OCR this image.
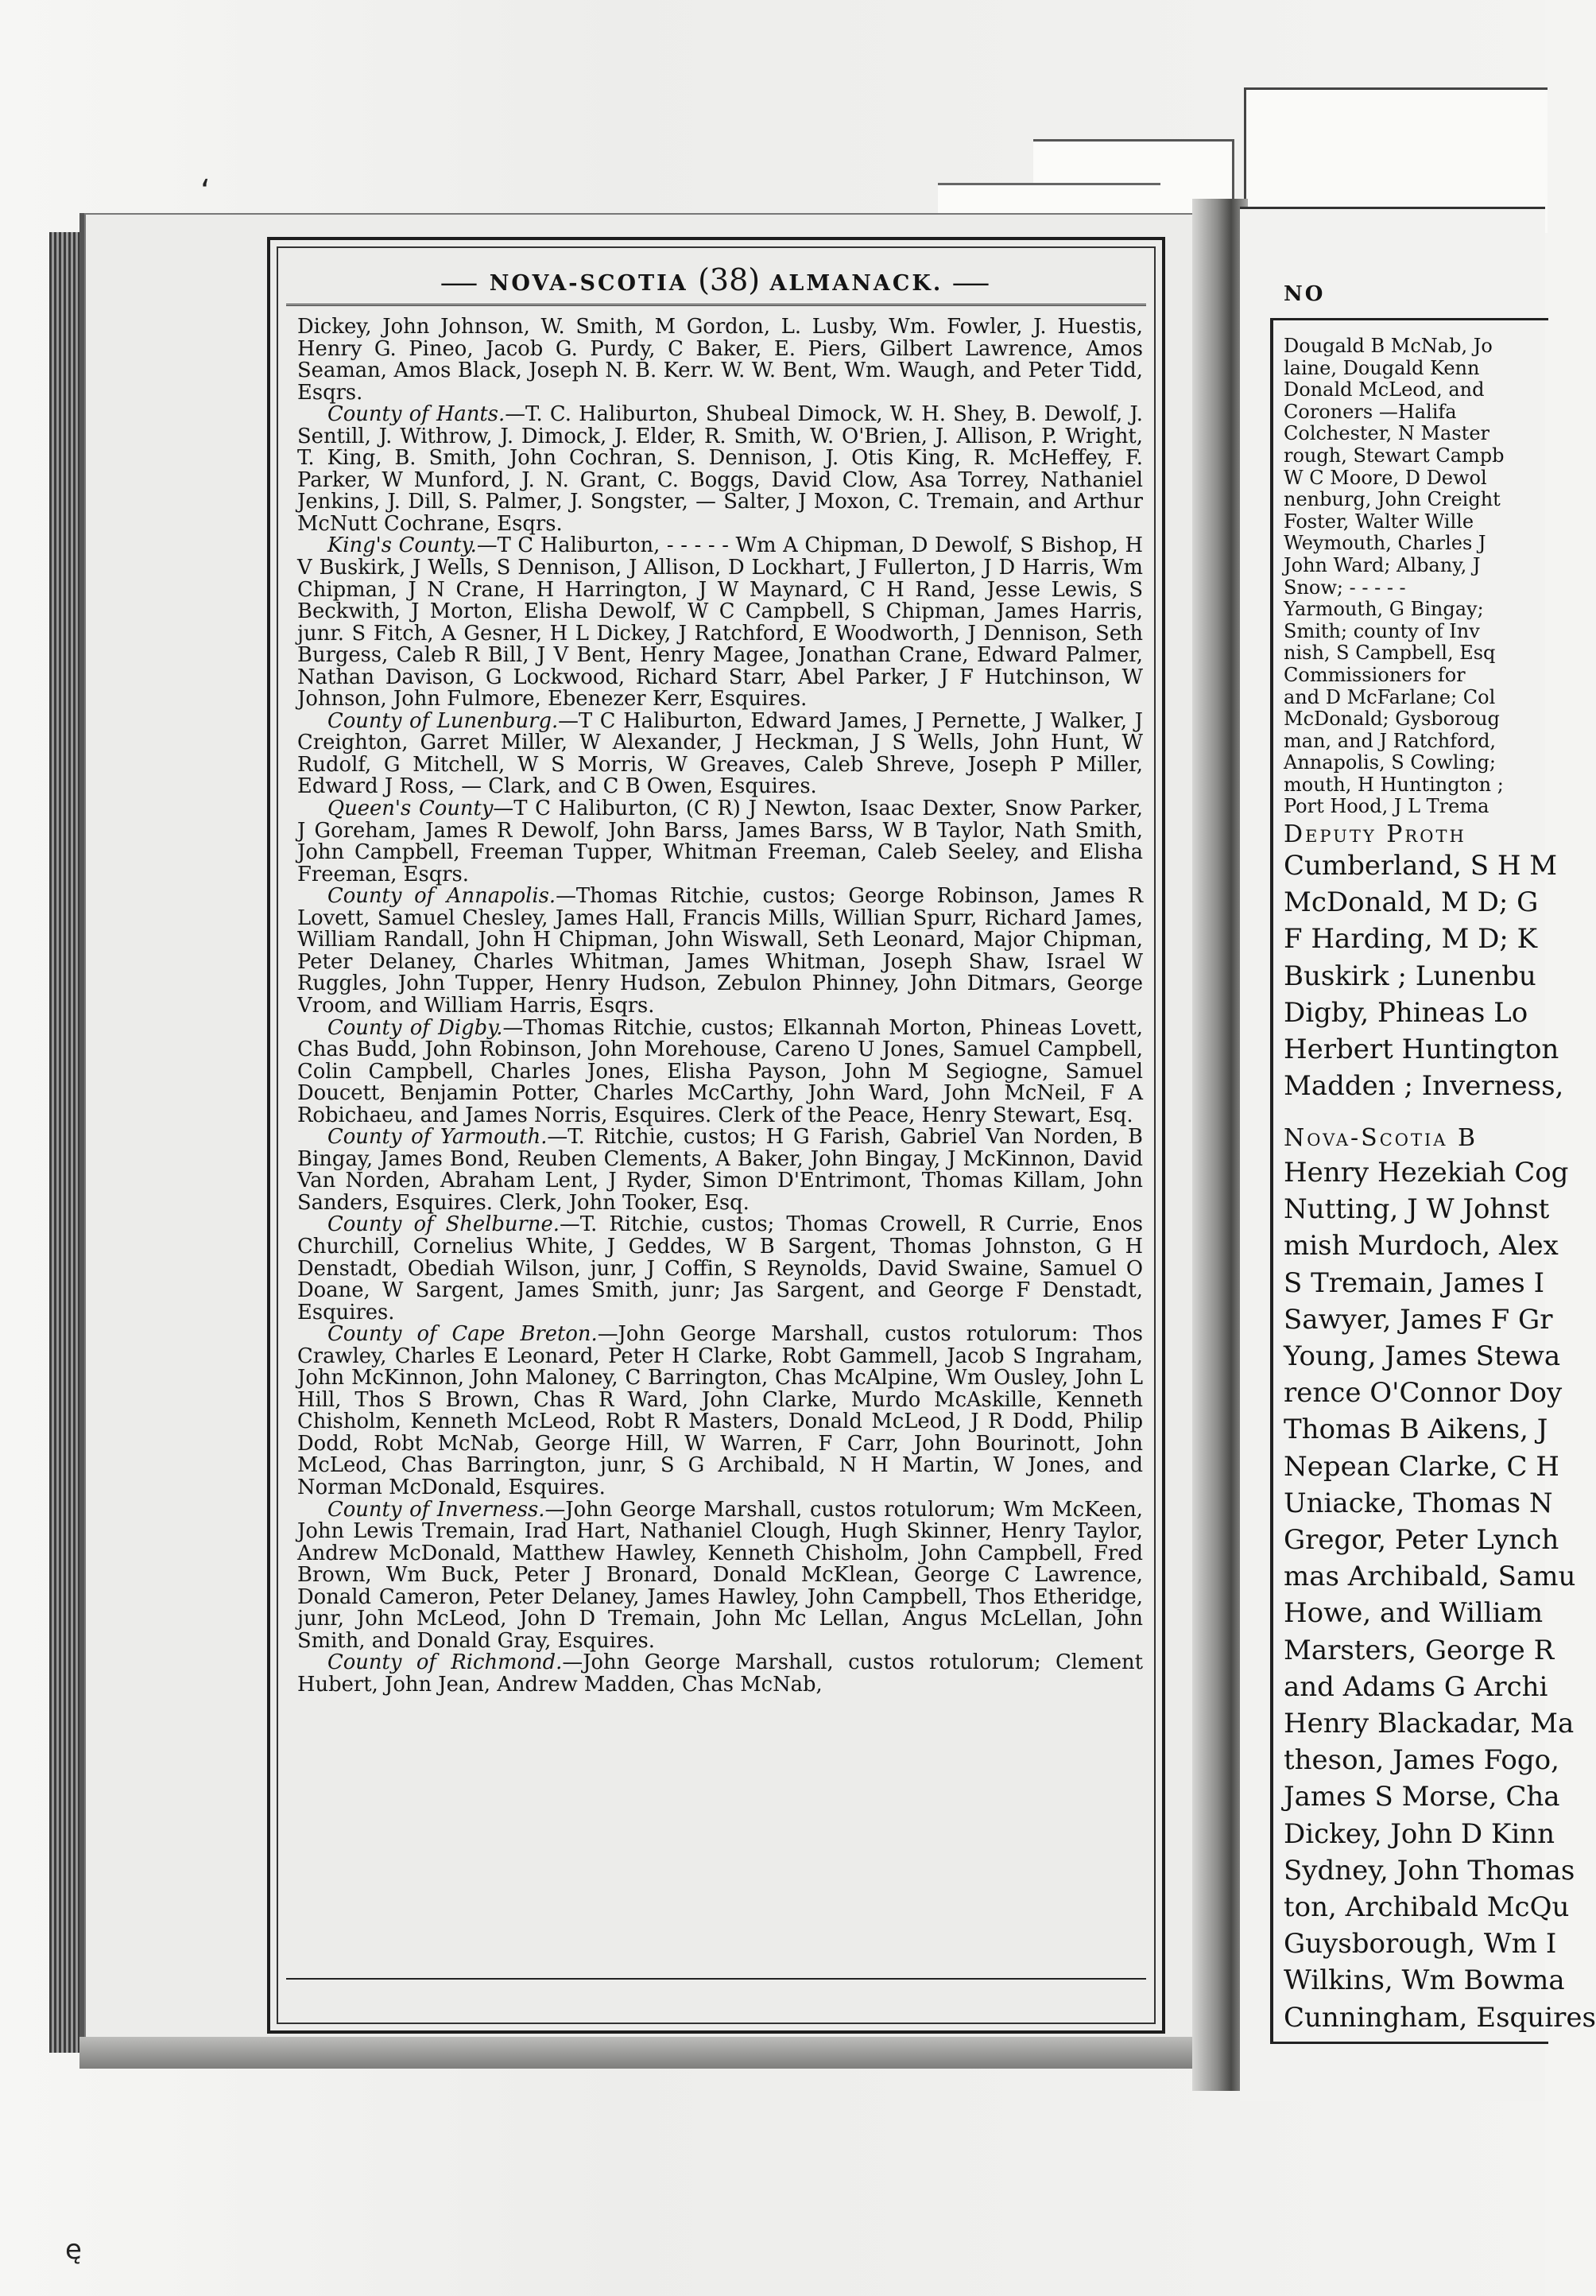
‘
ę
⸺ NOVA-SCOTIA (38) ALMANACK. ⸺

Dickey, John Johnson, W. Smith, M Gordon, L. Lusby, Wm. Fowler, J. Huestis, Henry G. Pineo, Jacob G. Purdy, C Baker, E. Piers, Gilbert Lawrence, Amos Seaman, Amos Black, Joseph N. B. Kerr. W. W. Bent, Wm. Waugh, and Peter Tidd, Esqrs.

County of Hants.—T. C. Haliburton, Shubeal Dimock, W. H. Shey, B. Dewolf, J. Sentill, J. Withrow, J. Dimock, J. Elder, R. Smith, W. O'Brien, J. Allison, P. Wright, T. King, B. Smith, John Cochran, S. Dennison, J. Otis King, R. McHeffey, F. Parker, W Munford, J. N. Grant, C. Boggs, David Clow, Asa Torrey, Nathaniel Jenkins, J. Dill, S. Palmer, J. Songster, — Salter, J Moxon, C. Tremain, and Arthur McNutt Cochrane, Esqrs.

King's County.—T C Haliburton, - - - - - Wm A Chipman, D Dewolf, S Bishop, H V Buskirk, J Wells, S Dennison, J Allison, D Lockhart, J Fullerton, J D Harris, Wm Chipman, J N Crane, H Harrington, J W Maynard, C H Rand, Jesse Lewis, S Beckwith, J Morton, Elisha Dewolf, W C Campbell, S Chipman, James Harris, junr. S Fitch, A Gesner, H L Dickey, J Ratchford, E Woodworth, J Dennison, Seth Burgess, Caleb R Bill, J V Bent, Henry Magee, Jonathan Crane, Edward Palmer, Nathan Davison, G Lockwood, Richard Starr, Abel Parker, J F Hutchinson, W Johnson, John Fulmore, Ebenezer Kerr, Esquires.

County of Lunenburg.—T C Haliburton, Edward James, J Pernette, J Walker, J Creighton, Garret Miller, W Alexander, J Heckman, J S Wells, John Hunt, W Rudolf, G Mitchell, W S Morris, W Greaves, Caleb Shreve, Joseph P Miller, Edward J Ross, — Clark, and C B Owen, Esquires.

Queen's County—T C Haliburton, (C R) J Newton, Isaac Dexter, Snow Parker, J Goreham, James R Dewolf, John Barss, James Barss, W B Taylor, Nath Smith, John Campbell, Freeman Tupper, Whitman Freeman, Caleb Seeley, and Elisha Freeman, Esqrs.

County of Annapolis.—Thomas Ritchie, custos; George Robinson, James R Lovett, Samuel Chesley, James Hall, Francis Mills, Willian Spurr, Richard James, William Randall, John H Chipman, John Wiswall, Seth Leonard, Major Chipman, Peter Delaney, Charles Whitman, James Whitman, Joseph Shaw, Israel W Ruggles, John Tupper, Henry Hudson, Zebulon Phinney, John Ditmars, George Vroom, and William Harris, Esqrs.

County of Digby.—Thomas Ritchie, custos; Elkannah Morton, Phineas Lovett, Chas Budd, John Robinson, John Morehouse, Careno U Jones, Samuel Campbell, Colin Campbell, Charles Jones, Elisha Payson, John M Segiogne, Samuel Doucett, Benjamin Potter, Charles McCarthy, John Ward, John McNeil, F A Robichaeu, and James Norris, Esquires. Clerk of the Peace, Henry Stewart, Esq.

County of Yarmouth.—T. Ritchie, custos; H G Farish, Gabriel Van Norden, B Bingay, James Bond, Reuben Clements, A Baker, John Bingay, J McKinnon, David Van Norden, Abraham Lent, J Ryder, Simon D'Entrimont, Thomas Killam, John Sanders, Esquires. Clerk, John Tooker, Esq.

County of Shelburne.—T. Ritchie, custos; Thomas Crowell, R Currie, Enos Churchill, Cornelius White, J Geddes, W B Sargent, Thomas Johnston, G H Denstadt, Obediah Wilson, junr, J Coffin, S Reynolds, David Swaine, Samuel O Doane, W Sargent, James Smith, junr; Jas Sargent, and George F Denstadt, Esquires.

County of Cape Breton.—John George Marshall, custos rotulorum: Thos Crawley, Charles E Leonard, Peter H Clarke, Robt Gammell, Jacob S Ingraham, John McKinnon, John Maloney, C Barrington, Chas McAlpine, Wm Ousley, John L Hill, Thos S Brown, Chas R Ward, John Clarke, Murdo McAskille, Kenneth Chisholm, Kenneth McLeod, Robt R Masters, Donald McLeod, J R Dodd, Philip Dodd, Robt McNab, George Hill, W Warren, F Carr, John Bourinott, John McLeod, Chas Barrington, junr, S G Archibald, N H Martin, W Jones, and Norman McDonald, Esquires.

County of Inverness.—John George Marshall, custos rotulorum; Wm McKeen, John Lewis Tremain, Irad Hart, Nathaniel Clough, Hugh Skinner, Henry Taylor, Andrew McDonald, Matthew Hawley, Kenneth Chisholm, John Campbell, Fred Brown, Wm Buck, Peter J Bronard, Donald McKlean, George C Lawrence, Donald Cameron, Peter Delaney, James Hawley, John Campbell, Thos Etheridge, junr, John McLeod, John D Tremain, John Mc Lellan, Angus McLellan, John Smith, and Donald Gray, Esquires.

County of Richmond.—John George Marshall, custos rotulorum; Clement Hubert, John Jean, Andrew Madden, Chas McNab,

NO
Dougald B McNab, Jo
laine, Dougald Kenn
Donald McLeod, and
Coroners —Halifa
Colchester, N Master
rough, Stewart Campb
W C Moore, D Dewol
nenburg, John Creight
Foster, Walter Wille
Weymouth, Charles J
John Ward; Albany, J
Snow; - - - - -
Yarmouth, G Bingay;
Smith; county of Inv
nish, S Campbell, Esq
Commissioners for
and D McFarlane; Col
McDonald; Gysboroug
man, and J Ratchford,
Annapolis, S Cowling;
mouth, H Huntington ;
Port Hood, J L Trema
Deputy Proth
Cumberland, S H M
McDonald, M D; G
F Harding, M D; K
Buskirk ; Lunenbu
Digby, Phineas Lo
Herbert Huntington
Madden ; Inverness,
Nova-Scotia B
Henry Hezekiah Cog
Nutting, J W Johnst
mish Murdoch, Alex
S Tremain, James I
Sawyer, James F Gr
Young, James Stewa
rence O'Connor Doy
Thomas B Aikens, J
Nepean Clarke, C H
Uniacke, Thomas N
Gregor, Peter Lynch
mas Archibald, Samu
Howe, and William
Marsters, George R
and Adams G Archi
Henry Blackadar, Ma
theson, James Fogo,
James S Morse, Cha
Dickey, John D Kinn
Sydney, John Thomas
ton, Archibald McQu
Guysborough, Wm I
Wilkins, Wm Bowma
Cunningham, Esquires
